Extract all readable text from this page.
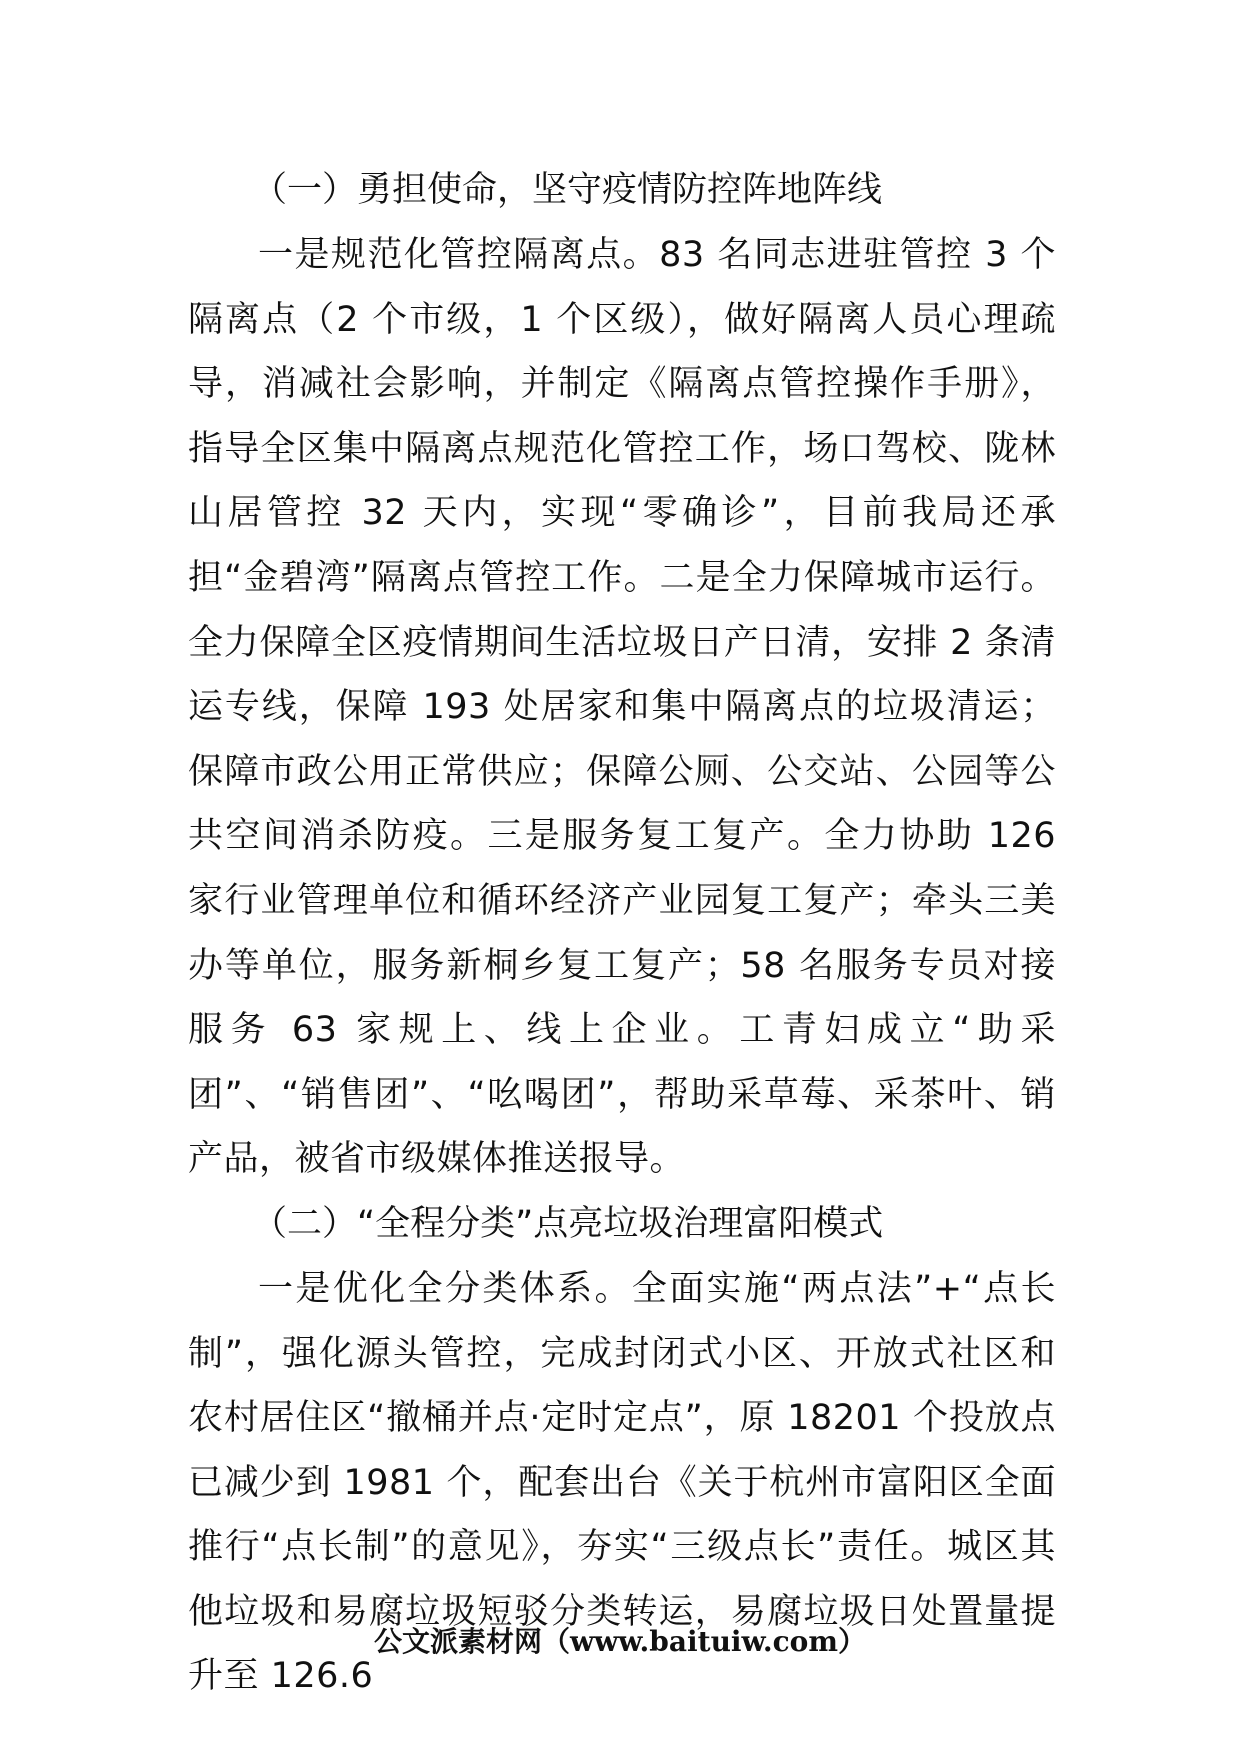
（一）勇担使命，坚守疫情防控阵地阵线

一是规范化管控隔离点。83 名同志进驻管控 3 个隔离点（2 个市级，1 个区级），做好隔离人员心理疏导，消减社会影响，并制定《隔离点管控操作手册》，指导全区集中隔离点规范化管控工作，场口驾校、陇林山居管控 32 天内，实现“零确诊”，目前我局还承担“金碧湾”隔离点管控工作。二是全力保障城市运行。全力保障全区疫情期间生活垃圾日产日清，安排 2 条清运专线，保障 193 处居家和集中隔离点的垃圾清运；保障市政公用正常供应；保障公厕、公交站、公园等公共空间消杀防疫。三是服务复工复产。全力协助 126 家行业管理单位和循环经济产业园复工复产；牵头三美办等单位，服务新桐乡复工复产；58 名服务专员对接服务 63 家规上、线上企业。工青妇成立“助采团”、“销售团”、“吆喝团”，帮助采草莓、采茶叶、销产品，被省市级媒体推送报导。

（二）“全程分类”点亮垃圾治理富阳模式

一是优化全分类体系。全面实施“两点法”+“点长制”，强化源头管控，完成封闭式小区、开放式社区和农村居住区“撤桶并点·定时定点”，原 18201 个投放点已减少到 1981 个，配套出台《关于杭州市富阳区全面推行“点长制”的意见》，夯实“三级点长”责任。城区其他垃圾和易腐垃圾短驳分类转运，易腐垃圾日处置量提升至 126.6

公文派素材网（www.baituiw.com）
